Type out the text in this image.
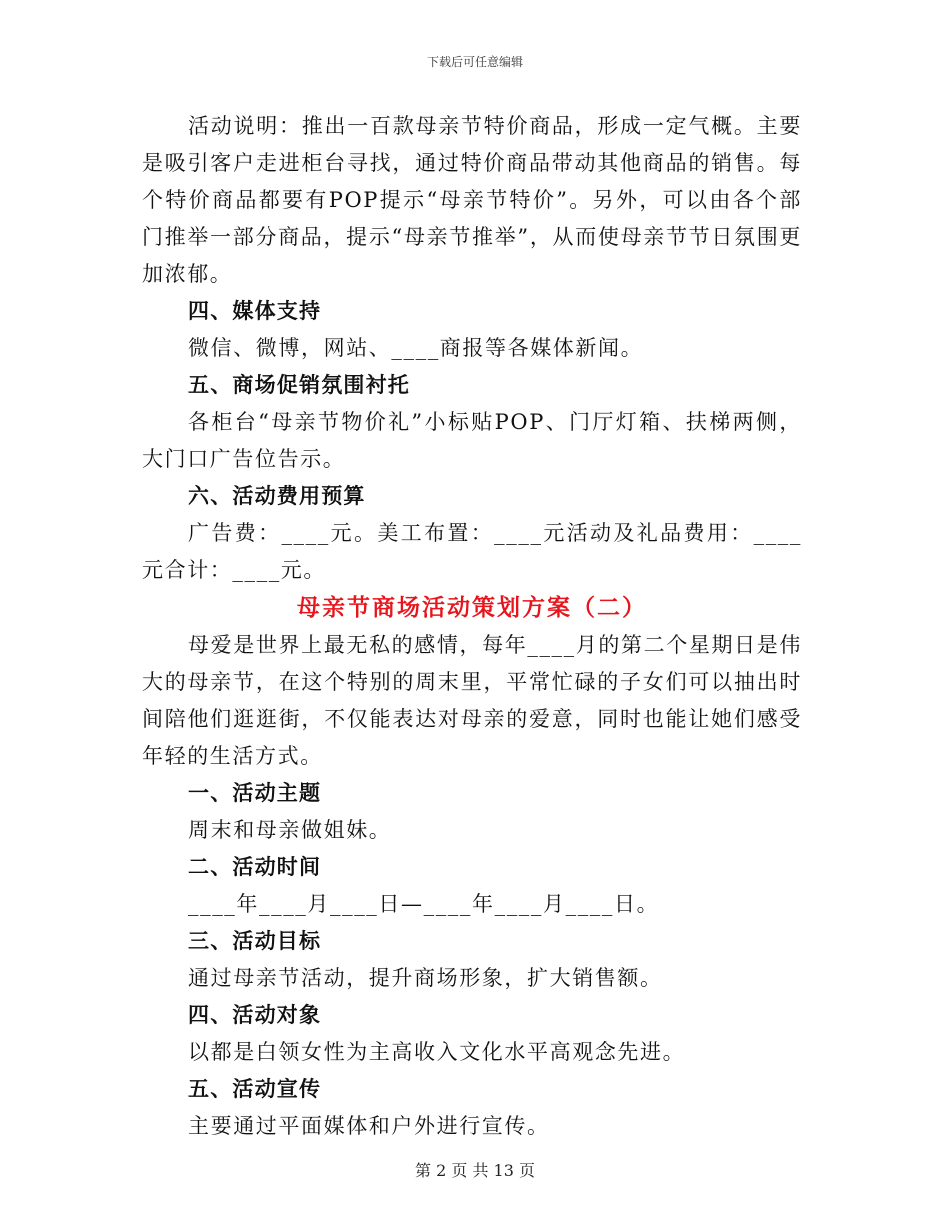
下载后可任意编辑

活动说明：推出一百款母亲节特价商品，形成一定气概。主要是吸引客户走进柜台寻找，通过特价商品带动其他商品的销售。每个特价商品都要有POP提示“母亲节特价”。另外，可以由各个部门推举一部分商品，提示“母亲节推举”，从而使母亲节节日氛围更加浓郁。

四、媒体支持

微信、微博，网站、____商报等各媒体新闻。

五、商场促销氛围衬托

各柜台“母亲节物价礼”小标贴POP、门厅灯箱、扶梯两侧，大门口广告位告示。

六、活动费用预算

广告费：____元。美工布置：____元活动及礼品费用：____元合计：____元。

母亲节商场活动策划方案（二）

母爱是世界上最无私的感情，每年____月的第二个星期日是伟大的母亲节，在这个特别的周末里，平常忙碌的子女们可以抽出时间陪他们逛逛街，不仅能表达对母亲的爱意，同时也能让她们感受年轻的生活方式。

一、活动主题

周末和母亲做姐妹。

二、活动时间

____年____月____日—____年____月____日。

三、活动目标

通过母亲节活动，提升商场形象，扩大销售额。

四、活动对象

以都是白领女性为主高收入文化水平高观念先进。

五、活动宣传

主要通过平面媒体和户外进行宣传。

第 2 页 共 13 页
